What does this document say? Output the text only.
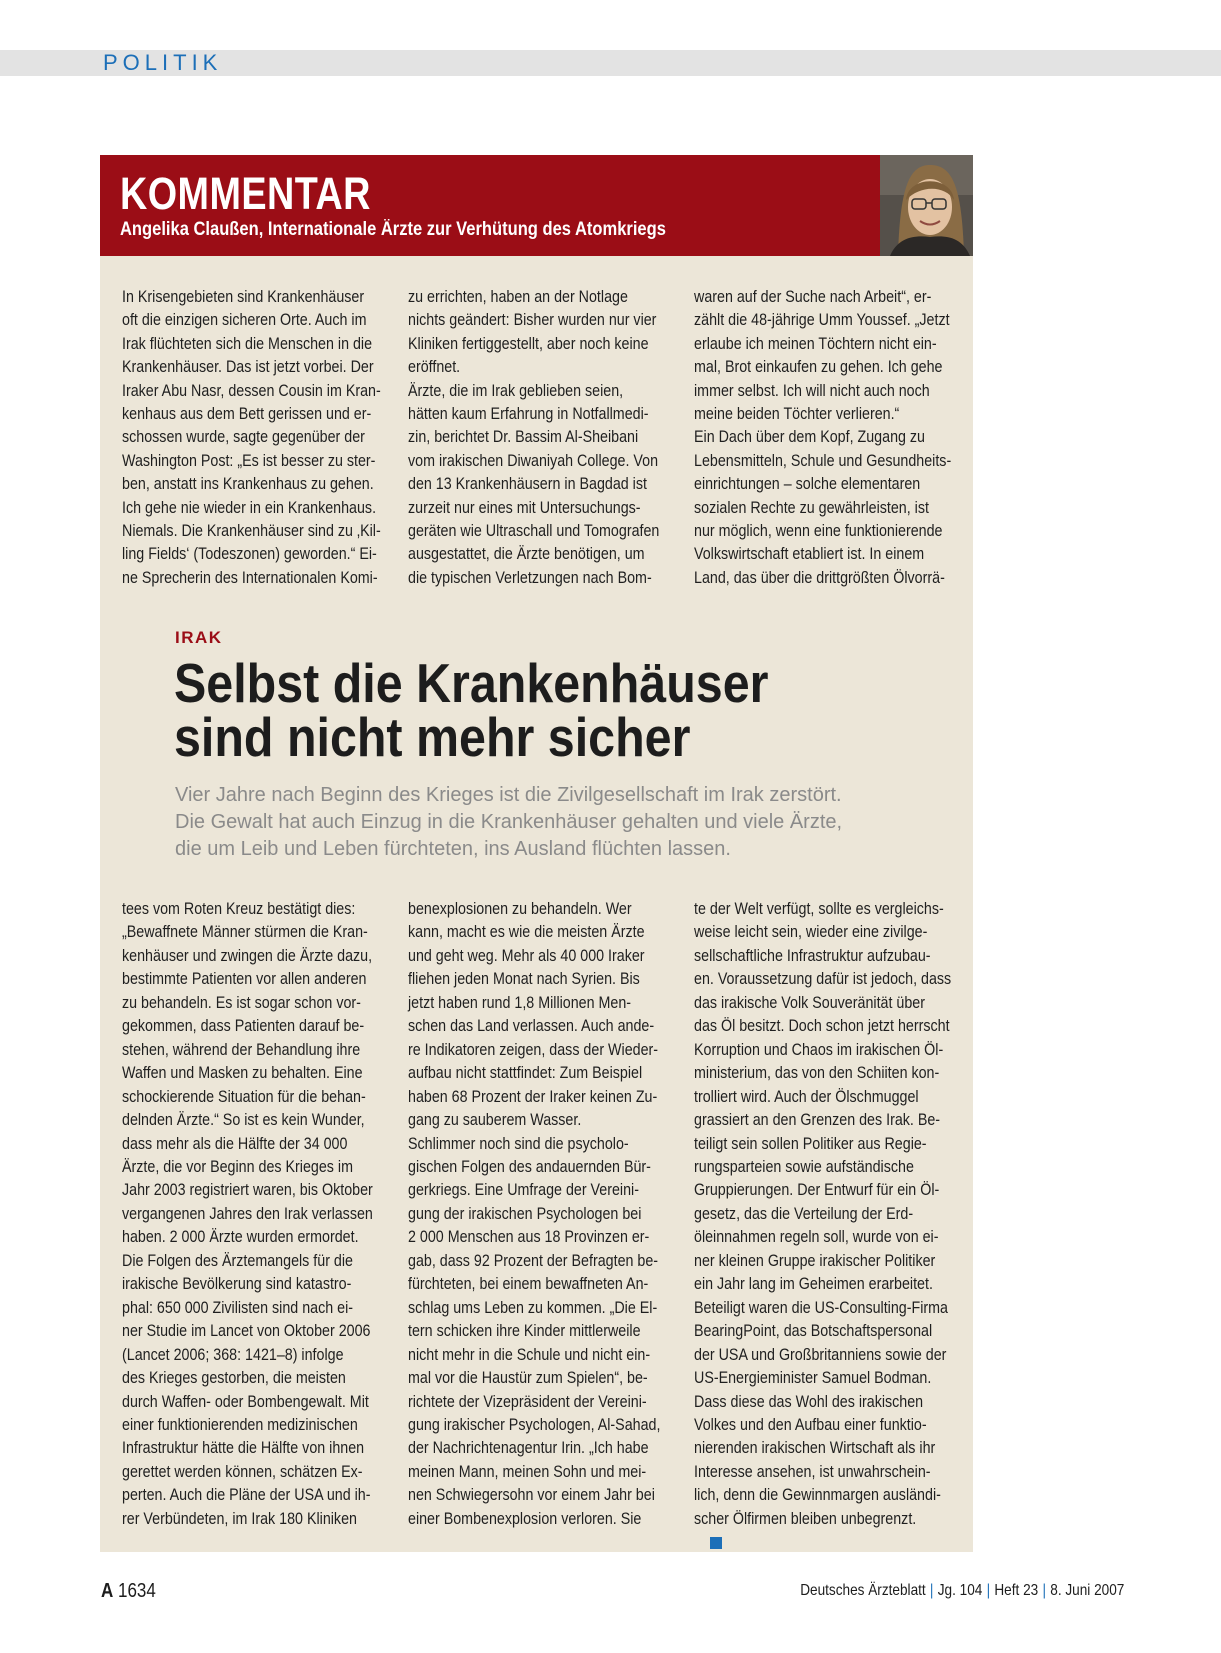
POLITIK
KOMMENTAR
Angelika Claußen, Internationale Ärzte zur Verhütung des Atomkriegs
In Krisengebieten sind Krankenhäuser
oft die einzigen sicheren Orte. Auch im
Irak flüchteten sich die Menschen in die
Krankenhäuser. Das ist jetzt vorbei. Der
Iraker Abu Nasr, dessen Cousin im Kran-
kenhaus aus dem Bett gerissen und er-
schossen wurde, sagte gegenüber der
Washington Post: „Es ist besser zu ster-
ben, anstatt ins Krankenhaus zu gehen.
Ich gehe nie wieder in ein Krankenhaus.
Niemals. Die Krankenhäuser sind zu ‚Kil-
ling Fields‘ (Todeszonen) geworden.“ Ei-
ne Sprecherin des Internationalen Komi-
zu errichten, haben an der Notlage
nichts geändert: Bisher wurden nur vier
Kliniken fertiggestellt, aber noch keine
eröffnet.
Ärzte, die im Irak geblieben seien,
hätten kaum Erfahrung in Notfallmedi-
zin, berichtet Dr. Bassim Al-Sheibani
vom irakischen Diwaniyah College. Von
den 13 Krankenhäusern in Bagdad ist
zurzeit nur eines mit Untersuchungs-
geräten wie Ultraschall und Tomografen
ausgestattet, die Ärzte benötigen, um
die typischen Verletzungen nach Bom-
waren auf der Suche nach Arbeit“, er-
zählt die 48-jährige Umm Youssef. „Jetzt
erlaube ich meinen Töchtern nicht ein-
mal, Brot einkaufen zu gehen. Ich gehe
immer selbst. Ich will nicht auch noch
meine beiden Töchter verlieren.“
Ein Dach über dem Kopf, Zugang zu
Lebensmitteln, Schule und Gesundheits-
einrichtungen – solche elementaren
sozialen Rechte zu gewährleisten, ist
nur möglich, wenn eine funktionierende
Volkswirtschaft etabliert ist. In einem
Land, das über die drittgrößten Ölvorrä-
IRAK
Selbst die Krankenhäuser
sind nicht mehr sicher
Vier Jahre nach Beginn des Krieges ist die Zivilgesellschaft im Irak zerstört.
Die Gewalt hat auch Einzug in die Krankenhäuser gehalten und viele Ärzte,
die um Leib und Leben fürchteten, ins Ausland flüchten lassen.
tees vom Roten Kreuz bestätigt dies:
„Bewaffnete Männer stürmen die Kran-
kenhäuser und zwingen die Ärzte dazu,
bestimmte Patienten vor allen anderen
zu behandeln. Es ist sogar schon vor-
gekommen, dass Patienten darauf be-
stehen, während der Behandlung ihre
Waffen und Masken zu behalten. Eine
schockierende Situation für die behan-
delnden Ärzte.“ So ist es kein Wunder,
dass mehr als die Hälfte der 34 000
Ärzte, die vor Beginn des Krieges im
Jahr 2003 registriert waren, bis Oktober
vergangenen Jahres den Irak verlassen
haben. 2 000 Ärzte wurden ermordet.
Die Folgen des Ärztemangels für die
irakische Bevölkerung sind katastro-
phal: 650 000 Zivilisten sind nach ei-
ner Studie im Lancet von Oktober 2006
(Lancet 2006; 368: 1421–8) infolge
des Krieges gestorben, die meisten
durch Waffen- oder Bombengewalt. Mit
einer funktionierenden medizinischen
Infrastruktur hätte die Hälfte von ihnen
gerettet werden können, schätzen Ex-
perten. Auch die Pläne der USA und ih-
rer Verbündeten, im Irak 180 Kliniken
benexplosionen zu behandeln. Wer
kann, macht es wie die meisten Ärzte
und geht weg. Mehr als 40 000 Iraker
fliehen jeden Monat nach Syrien. Bis
jetzt haben rund 1,8 Millionen Men-
schen das Land verlassen. Auch ande-
re Indikatoren zeigen, dass der Wieder-
aufbau nicht stattfindet: Zum Beispiel
haben 68 Prozent der Iraker keinen Zu-
gang zu sauberem Wasser.
Schlimmer noch sind die psycholo-
gischen Folgen des andauernden Bür-
gerkriegs. Eine Umfrage der Vereini-
gung der irakischen Psychologen bei
2 000 Menschen aus 18 Provinzen er-
gab, dass 92 Prozent der Befragten be-
fürchteten, bei einem bewaffneten An-
schlag ums Leben zu kommen. „Die El-
tern schicken ihre Kinder mittlerweile
nicht mehr in die Schule und nicht ein-
mal vor die Haustür zum Spielen“, be-
richtete der Vizepräsident der Vereini-
gung irakischer Psychologen, Al-Sahad,
der Nachrichtenagentur Irin. „Ich habe
meinen Mann, meinen Sohn und mei-
nen Schwiegersohn vor einem Jahr bei
einer Bombenexplosion verloren. Sie
te der Welt verfügt, sollte es vergleichs-
weise leicht sein, wieder eine zivilge-
sellschaftliche Infrastruktur aufzubau-
en. Voraussetzung dafür ist jedoch, dass
das irakische Volk Souveränität über
das Öl besitzt. Doch schon jetzt herrscht
Korruption und Chaos im irakischen Öl-
ministerium, das von den Schiiten kon-
trolliert wird. Auch der Ölschmuggel
grassiert an den Grenzen des Irak. Be-
teiligt sein sollen Politiker aus Regie-
rungsparteien sowie aufständische
Gruppierungen. Der Entwurf für ein Öl-
gesetz, das die Verteilung der Erd-
öleinnahmen regeln soll, wurde von ei-
ner kleinen Gruppe irakischer Politiker
ein Jahr lang im Geheimen erarbeitet.
Beteiligt waren die US-Consulting-Firma
BearingPoint, das Botschaftspersonal
der USA und Großbritanniens sowie der
US-Energieminister Samuel Bodman.
Dass diese das Wohl des irakischen
Volkes und den Aufbau einer funktio-
nierenden irakischen Wirtschaft als ihr
Interesse ansehen, ist unwahrschein-
lich, denn die Gewinnmargen ausländi-
scher Ölfirmen bleiben unbegrenzt.
A 1634	Deutsches Ärzteblatt | Jg. 104 | Heft 23 | 8. Juni 2007
